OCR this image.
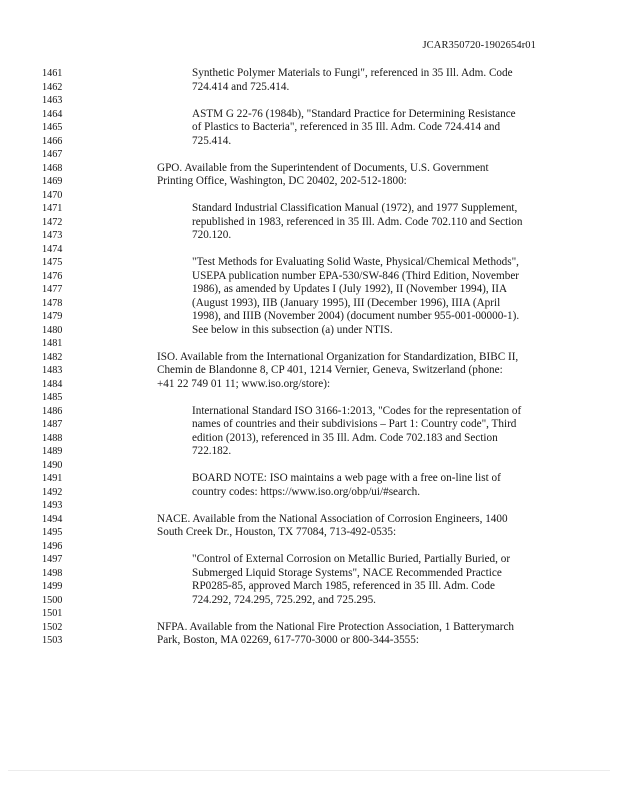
JCAR350720-1902654r01
1461	Synthetic Polymer Materials to Fungi", referenced in 35 Ill. Adm. Code
1462	724.414 and 725.414.
1463
1464	ASTM G 22-76 (1984b), "Standard Practice for Determining Resistance
1465	of Plastics to Bacteria", referenced in 35 Ill. Adm. Code 724.414 and
1466	725.414.
1467
1468	GPO. Available from the Superintendent of Documents, U.S. Government
1469	Printing Office, Washington, DC 20402, 202-512-1800:
1470
1471	Standard Industrial Classification Manual (1972), and 1977 Supplement,
1472	republished in 1983, referenced in 35 Ill. Adm. Code 702.110 and Section
1473	720.120.
1474
1475	"Test Methods for Evaluating Solid Waste, Physical/Chemical Methods",
1476	USEPA publication number EPA-530/SW-846 (Third Edition, November
1477	1986), as amended by Updates I (July 1992), II (November 1994), IIA
1478	(August 1993), IIB (January 1995), III (December 1996), IIIA (April
1479	1998), and IIIB (November 2004) (document number 955-001-00000-1).
1480	See below in this subsection (a) under NTIS.
1481
1482	ISO. Available from the International Organization for Standardization, BIBC II,
1483	Chemin de Blandonne 8, CP 401, 1214 Vernier, Geneva, Switzerland (phone:
1484	+41 22 749 01 11; www.iso.org/store):
1485
1486	International Standard ISO 3166-1:2013, "Codes for the representation of
1487	names of countries and their subdivisions – Part 1: Country code", Third
1488	edition (2013), referenced in 35 Ill. Adm. Code 702.183 and Section
1489	722.182.
1490
1491	BOARD NOTE: ISO maintains a web page with a free on-line list of
1492	country codes: https://www.iso.org/obp/ui/#search.
1493
1494	NACE. Available from the National Association of Corrosion Engineers, 1400
1495	South Creek Dr., Houston, TX 77084, 713-492-0535:
1496
1497	"Control of External Corrosion on Metallic Buried, Partially Buried, or
1498	Submerged Liquid Storage Systems", NACE Recommended Practice
1499	RP0285-85, approved March 1985, referenced in 35 Ill. Adm. Code
1500	724.292, 724.295, 725.292, and 725.295.
1501
1502	NFPA. Available from the National Fire Protection Association, 1 Batterymarch
1503	Park, Boston, MA 02269, 617-770-3000 or 800-344-3555:
